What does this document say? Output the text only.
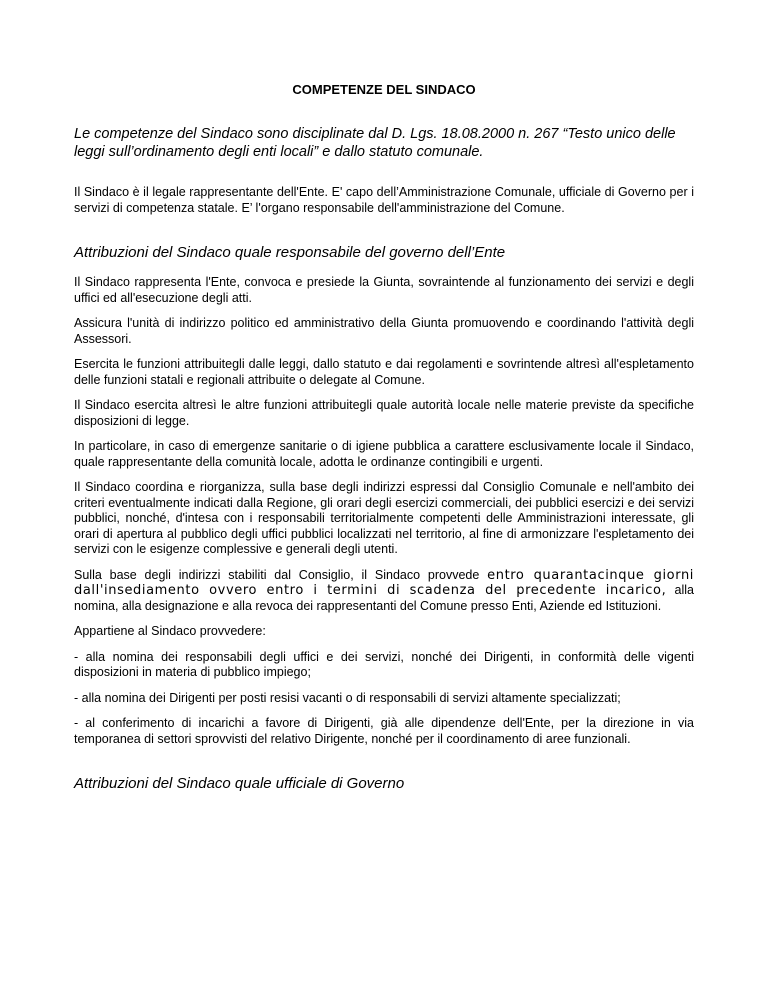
COMPETENZE DEL SINDACO
Le competenze del Sindaco sono disciplinate dal D. Lgs. 18.08.2000 n. 267 “Testo unico delle leggi sull’ordinamento degli enti locali” e dallo statuto comunale.
Il Sindaco è il legale rappresentante dell'Ente. E' capo dell’Amministrazione Comunale, ufficiale di Governo per i servizi di competenza statale. E’ l'organo responsabile dell'amministrazione del Comune.
Attribuzioni del Sindaco quale responsabile del governo dell’Ente
Il Sindaco rappresenta l'Ente, convoca e presiede la Giunta, sovraintende al funzionamento dei servizi e degli uffici ed all'esecuzione degli atti.
Assicura l'unità di indirizzo politico ed amministrativo della Giunta promuovendo e coordinando l'attività degli Assessori.
Esercita le funzioni attribuitegli dalle leggi, dallo statuto e dai regolamenti e sovrintende altresì all'espletamento delle funzioni statali e regionali attribuite o delegate al Comune.
Il Sindaco esercita altresì le altre funzioni attribuitegli quale autorità locale nelle materie previste da specifiche disposizioni di legge.
In particolare, in caso di emergenze sanitarie o di igiene pubblica a carattere esclusivamente locale il Sindaco, quale rappresentante della comunità locale, adotta le ordinanze contingibili e urgenti.
Il Sindaco coordina e riorganizza, sulla base degli indirizzi espressi dal Consiglio Comunale e nell'ambito dei criteri eventualmente indicati dalla Regione, gli orari degli esercizi commerciali, dei pubblici esercizi e dei servizi pubblici, nonché, d'intesa con i responsabili territorialmente competenti delle Amministrazioni interessate, gli orari di apertura al pubblico degli uffici pubblici localizzati nel territorio, al fine di armonizzare l'espletamento dei servizi con le esigenze complessive e generali degli utenti.
Sulla base degli indirizzi stabiliti dal Consiglio, il Sindaco provvede entro quarantacinque giorni dall'insediamento ovvero entro i termini di scadenza del precedente incarico, alla nomina, alla designazione e alla revoca dei rappresentanti del Comune presso Enti, Aziende ed Istituzioni.
Appartiene al Sindaco provvedere:
- alla nomina dei responsabili degli uffici e dei servizi, nonché dei Dirigenti, in conformità delle vigenti disposizioni in materia di pubblico impiego;
- alla nomina dei Dirigenti per posti resisi vacanti o di responsabili di servizi altamente specializzati;
- al conferimento di incarichi a favore di Dirigenti, già alle dipendenze dell'Ente, per la direzione in via temporanea di settori sprovvisti del relativo Dirigente, nonché per il coordinamento di aree funzionali.
Attribuzioni del Sindaco quale ufficiale di Governo
